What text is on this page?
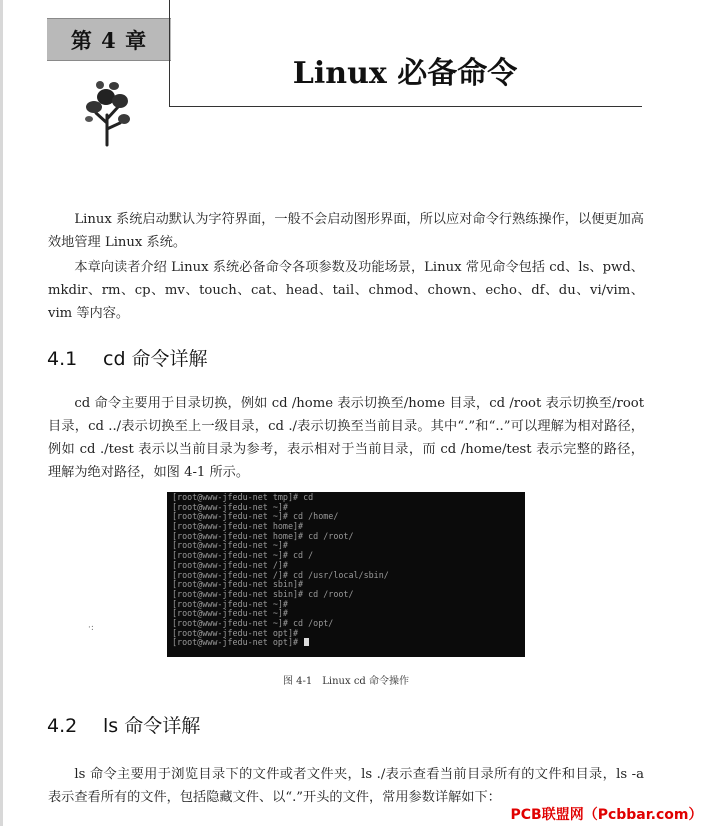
第 4 章
Linux 必备命令

Linux 系统启动默认为字符界面，一般不会启动图形界面，所以应对命令行熟练操作，以便更加高效地管理 Linux 系统。

本章向读者介绍 Linux 系统必备命令各项参数及功能场景，Linux 常见命令包括 cd、ls、pwd、mkdir、rm、cp、mv、touch、cat、head、tail、chmod、chown、echo、df、du、vi/vim、vim 等内容。

4.1 cd 命令详解

cd 命令主要用于目录切换，例如 cd /home 表示切换至/home 目录，cd /root 表示切换至/root 目录，cd ../表示切换至上一级目录，cd ./表示切换至当前目录。其中“.”和“..”可以理解为相对路径，例如 cd ./test 表示以当前目录为参考，表示相对于当前目录，而 cd /home/test 表示完整的路径，理解为绝对路径，如图 4-1 所示。

[root@www-jfedu-net tmp]# cd
[root@www-jfedu-net ~]#
[root@www-jfedu-net ~]# cd /home/
[root@www-jfedu-net home]#
[root@www-jfedu-net home]# cd /root/
[root@www-jfedu-net ~]#
[root@www-jfedu-net ~]# cd /
[root@www-jfedu-net /]#
[root@www-jfedu-net /]# cd /usr/local/sbin/
[root@www-jfedu-net sbin]#
[root@www-jfedu-net sbin]# cd /root/
[root@www-jfedu-net ~]#
[root@www-jfedu-net ~]#
[root@www-jfedu-net ~]# cd /opt/
[root@www-jfedu-net opt]#
[root@www-jfedu-net opt]#
·:
图 4-1 Linux cd 命令操作
4.2 ls 命令详解

ls 命令主要用于浏览目录下的文件或者文件夹，ls ./表示查看当前目录所有的文件和目录，ls -a 表示查看所有的文件，包括隐藏文件、以“.”开头的文件，常用参数详解如下：

PCB联盟网（Pcbbar.com）
